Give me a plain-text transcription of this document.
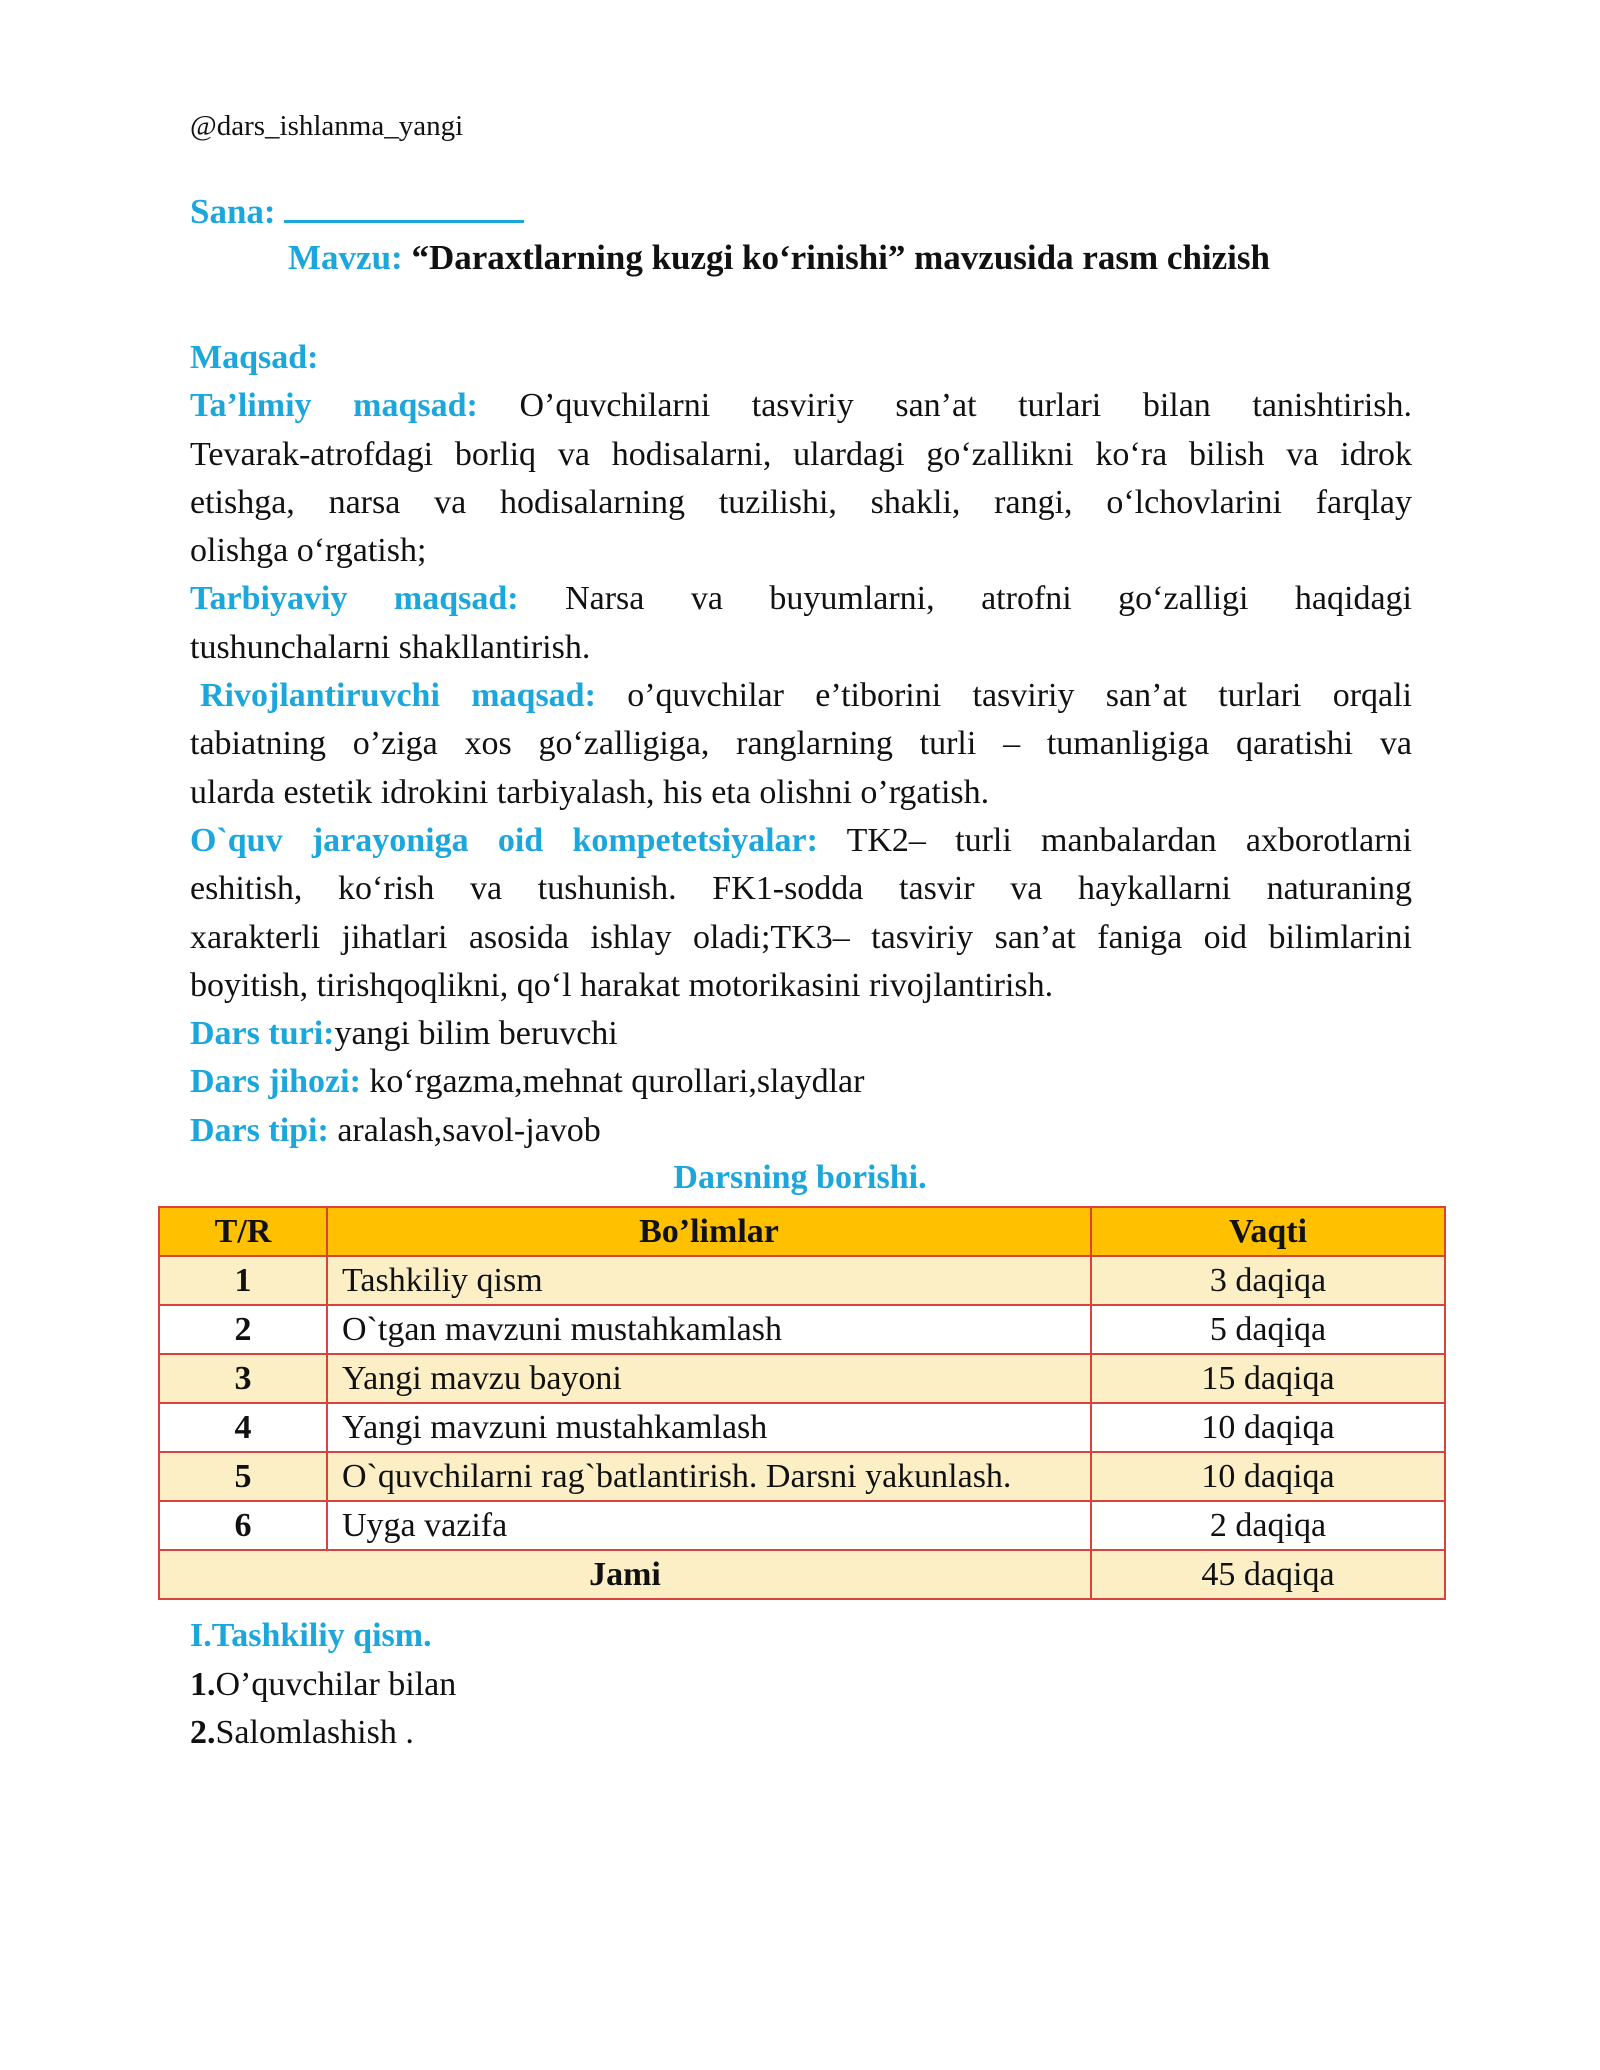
@dars_ishlanma_yangi
Sana:
Mavzu: “Daraxtlarning kuzgi ko‘rinishi” mavzusida rasm chizish

Maqsad:

Ta’limiy maqsad: O’quvchilarni tasviriy san’at turlari bilan tanishtirish.

Tevarak-atrofdagi borliq va hodisalarni, ulardagi go‘zallikni ko‘ra bilish va idrok

etishga, narsa va hodisalarning tuzilishi, shakli, rangi, o‘lchovlarini farqlay

olishga o‘rgatish;

Tarbiyaviy maqsad: Narsa va buyumlarni, atrofni go‘zalligi haqidagi

tushunchalarni shakllantirish.

Rivojlantiruvchi maqsad: o’quvchilar e’tiborini tasviriy san’at turlari orqali

tabiatning o’ziga xos go‘zalligiga, ranglarning turli – tumanligiga qaratishi va

ularda estetik idrokini tarbiyalash, his eta olishni o’rgatish.

O`quv jarayoniga oid kompetetsiyalar: TK2– turli manbalardan axborotlarni

eshitish, ko‘rish va tushunish. FK1-sodda tasvir va haykallarni naturaning

xarakterli jihatlari asosida ishlay oladi;TK3– tasviriy san’at faniga oid bilimlarini

boyitish, tirishqoqlikni, qo‘l harakat motorikasini rivojlantirish.

Dars turi:yangi bilim beruvchi

Dars jihozi: ko‘rgazma,mehnat qurollari,slaydlar

Dars tipi: aralash,savol-javob

Darsning borishi.
T/R	Bo’limlar	Vaqti
1	Tashkiliy qism	3 daqiqa
2	O`tgan mavzuni mustahkamlash	5 daqiqa
3	Yangi mavzu bayoni	15 daqiqa
4	Yangi mavzuni mustahkamlash	10 daqiqa
5	O`quvchilarni rag`batlantirish. Darsni yakunlash.	10 daqiqa
6	Uyga vazifa	2 daqiqa
Jami		45 daqiqa

I.Tashkiliy qism.

1.O’quvchilar bilan

2.Salomlashish .
